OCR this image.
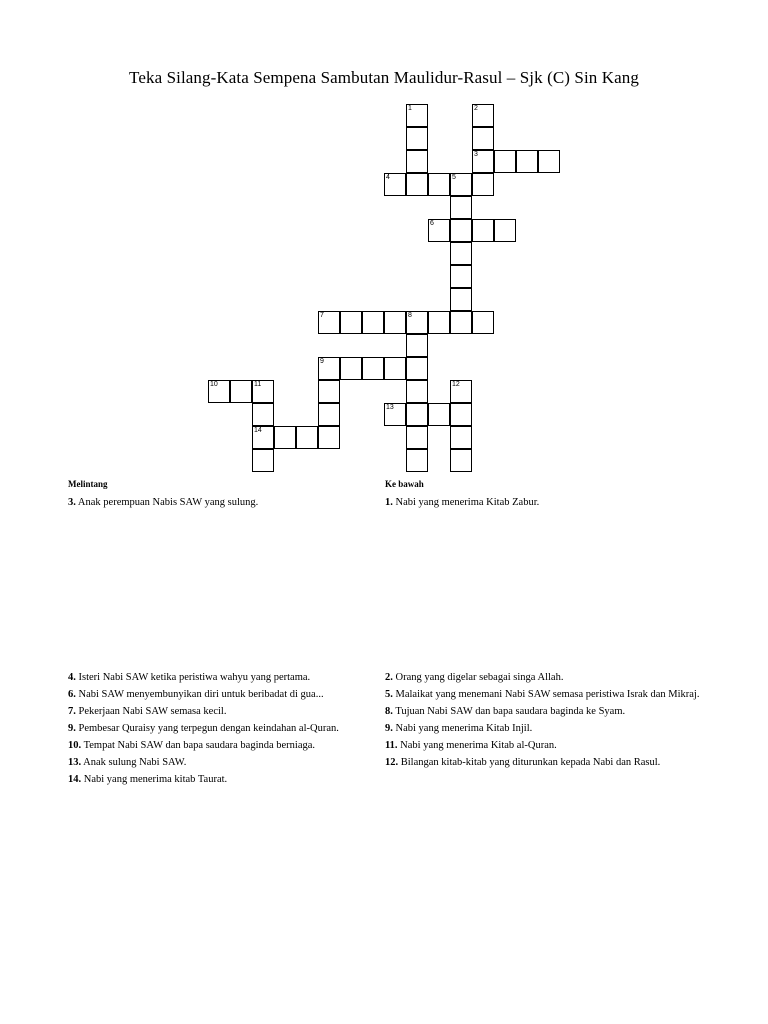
Teka Silang-Kata Sempena Sambutan Maulidur-Rasul – Sjk (C) Sin Kang
1	2
3
4	5
6
7	8
9
10	11
14
12
13
Melintang	Ke bawah
3. Anak perempuan Nabis SAW yang sulung.	1. Nabi yang menerima Kitab Zabur.
4. Isteri Nabi SAW ketika peristiwa wahyu yang pertama.
6. Nabi SAW menyembunyikan diri untuk beribadat di gua...
7. Pekerjaan Nabi SAW semasa kecil.
9. Pembesar Quraisy yang terpegun dengan keindahan al-Quran.
10. Tempat Nabi SAW dan bapa saudara baginda berniaga.
13. Anak sulung Nabi SAW.
14. Nabi yang menerima kitab Taurat.
2. Orang yang digelar sebagai singa Allah.
5. Malaikat yang menemani Nabi SAW semasa peristiwa Israk dan Mikraj.
8. Tujuan Nabi SAW dan bapa saudara baginda ke Syam.
9. Nabi yang menerima Kitab Injil.
11. Nabi yang menerima Kitab al-Quran.
12. Bilangan kitab-kitab yang diturunkan kepada Nabi dan Rasul.
